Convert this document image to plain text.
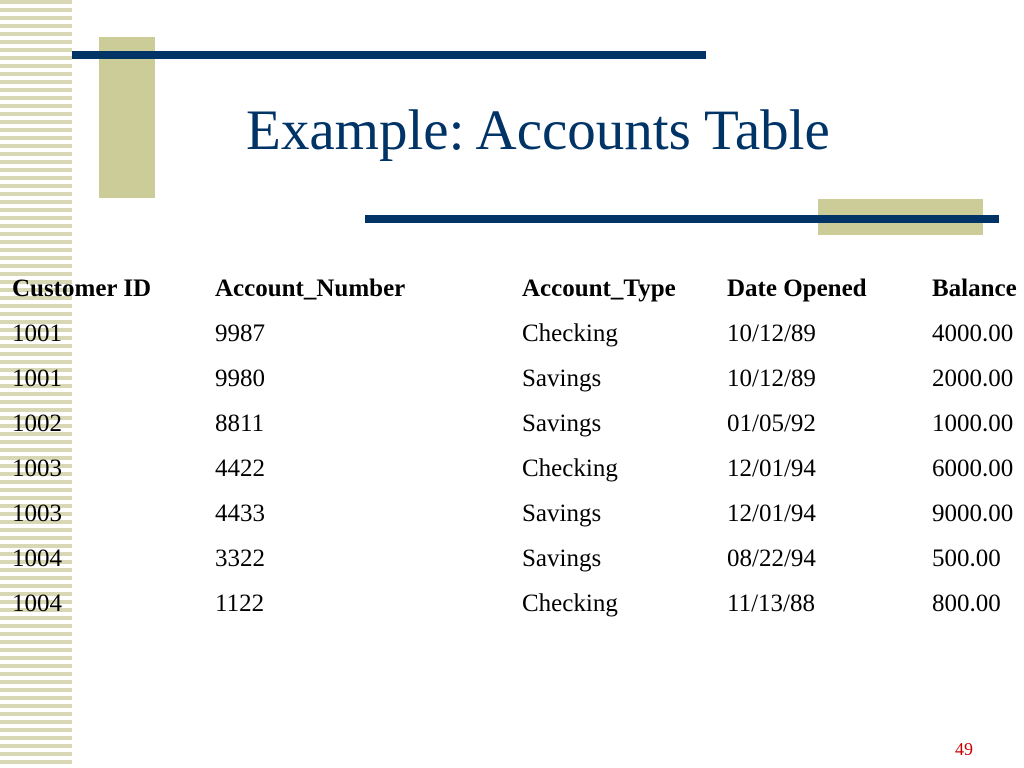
Example: Accounts Table
Customer ID	Account_Number	Account_Type	Date Opened	Balance
1001	9987	Checking	10/12/89	4000.00
1001	9980	Savings	10/12/89	2000.00
1002	8811	Savings	01/05/92	1000.00
1003	4422	Checking	12/01/94	6000.00
1003	4433	Savings	12/01/94	9000.00
1004	3322	Savings	08/22/94	500.00
1004	1122	Checking	11/13/88	800.00
49
